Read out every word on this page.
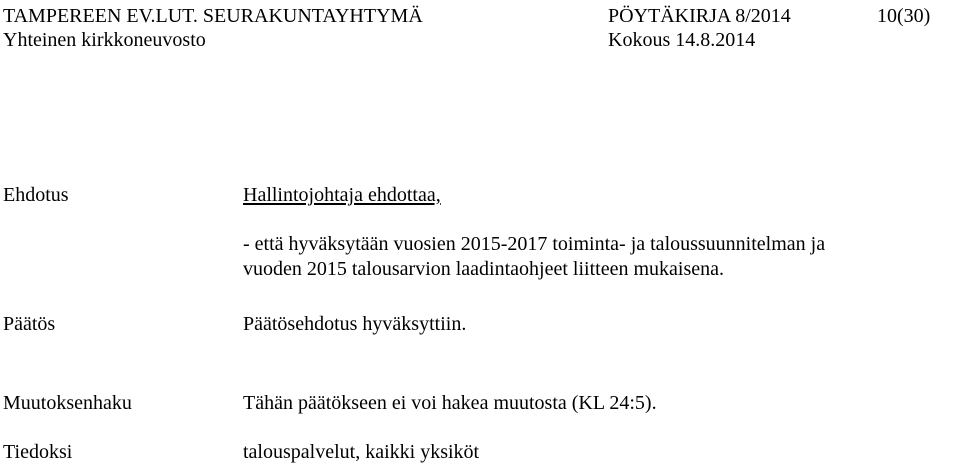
TAMPEREEN EV.LUT. SEURAKUNTAYHTYMÄ	PÖYTÄKIRJA 8/2014	10(30)
Yhteinen kirkkoneuvosto	Kokous 14.8.2014
Ehdotus	Hallintojohtaja ehdottaa,
- että hyväksytään vuosien 2015-2017 toiminta- ja taloussuunnitelman ja
vuoden 2015 talousarvion laadintaohjeet liitteen mukaisena.
Päätös	Päätösehdotus hyväksyttiin.
Muutoksenhaku	Tähän päätökseen ei voi hakea muutosta (KL 24:5).
Tiedoksi	talouspalvelut, kaikki yksiköt
